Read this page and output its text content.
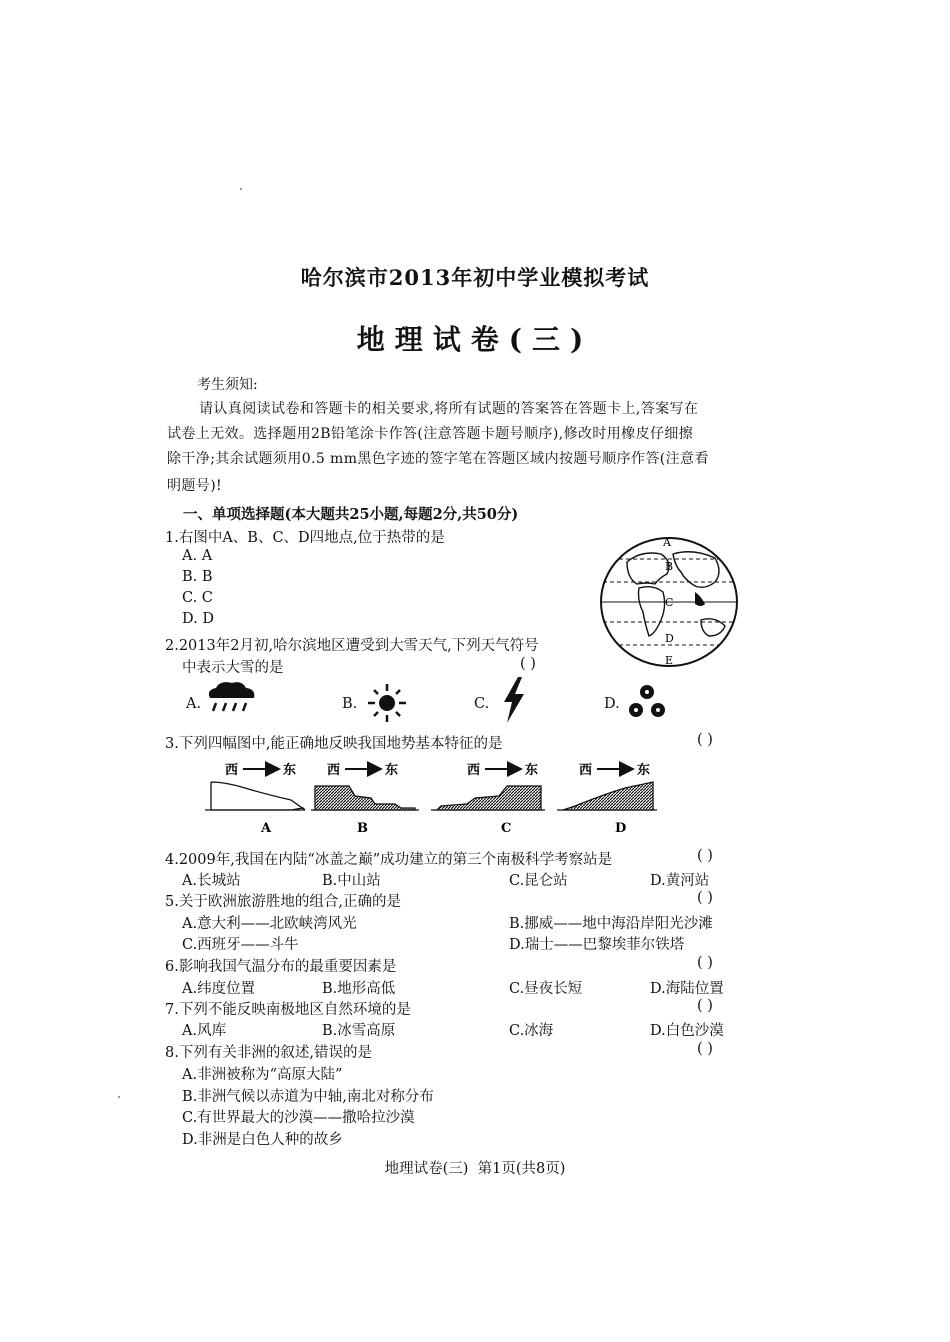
哈尔滨市2013年初中学业模拟考试
地理试卷(三)
考生须知:
请认真阅读试卷和答题卡的相关要求,将所有试题的答案答在答题卡上,答案写在
试卷上无效。选择题用2B铅笔涂卡作答(注意答题卡题号顺序),修改时用橡皮仔细擦
除干净;其余试题须用0.5 mm黑色字迹的签字笔在答题区域内按题号顺序作答(注意看
明题号)!
一、单项选择题(本大题共25小题,每题2分,共50分)
1.右图中A、B、C、D四地点,位于热带的是
A. A
B. B
C. C
D. D
A
B
C
D
E
2.2013年2月初,哈尔滨地区遭受到大雪天气,下列天气符号
中表示大雪的是	( )
A.	B.	C.	D.
3.下列四幅图中,能正确地反映我国地势基本特征的是	( )
西	东 西	东	西	东	西	东
A	B	C	D
4.2009年,我国在内陆“冰盖之巅”成功建立的第三个南极科学考察站是	( )
A.长城站	B.中山站	C.昆仑站	D.黄河站
5.关于欧洲旅游胜地的组合,正确的是	( )
A.意大利——北欧峡湾风光	B.挪威——地中海沿岸阳光沙滩
C.西班牙——斗牛	D.瑞士——巴黎埃菲尔铁塔
6.影响我国气温分布的最重要因素是	( )
A.纬度位置	B.地形高低	C.昼夜长短	D.海陆位置
7.下列不能反映南极地区自然环境的是	( )
A.风库	B.冰雪高原	C.冰海	D.白色沙漠
8.下列有关非洲的叙述,错误的是	( )
A.非洲被称为“高原大陆”
B.非洲气候以赤道为中轴,南北对称分布
C.有世界最大的沙漠——撒哈拉沙漠
D.非洲是白色人种的故乡
地理试卷(三)  第1页(共8页)
